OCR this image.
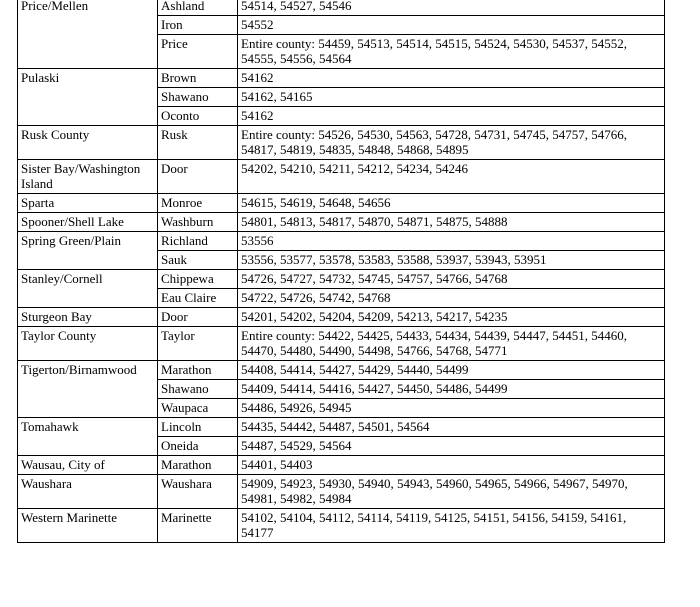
Price/Mellen	Ashland	54514, 54527, 54546
	Iron	54552
	Price	Entire county: 54459, 54513, 54514, 54515, 54524, 54530, 54537, 54552, 54555, 54556, 54564
Pulaski	Brown	54162
	Shawano	54162, 54165
	Oconto	54162
Rusk County	Rusk	Entire county: 54526, 54530, 54563, 54728, 54731, 54745, 54757, 54766, 54817, 54819, 54835, 54848, 54868, 54895
Sister Bay/Washington Island	Door	54202, 54210, 54211, 54212, 54234, 54246
Sparta	Monroe	54615, 54619, 54648, 54656
Spooner/Shell Lake	Washburn	54801, 54813, 54817, 54870, 54871, 54875, 54888
Spring Green/Plain	Richland	53556
	Sauk	53556, 53577, 53578, 53583, 53588, 53937, 53943, 53951
Stanley/Cornell	Chippewa	54726, 54727, 54732, 54745, 54757, 54766, 54768
	Eau Claire	54722, 54726, 54742, 54768
Sturgeon Bay	Door	54201, 54202, 54204, 54209, 54213, 54217, 54235
Taylor County	Taylor	Entire county: 54422, 54425, 54433, 54434, 54439, 54447, 54451, 54460, 54470, 54480, 54490, 54498, 54766, 54768, 54771
Tigerton/Birnamwood	Marathon	54408, 54414, 54427, 54429, 54440, 54499
	Shawano	54409, 54414, 54416, 54427, 54450, 54486, 54499
	Waupaca	54486, 54926, 54945
Tomahawk	Lincoln	54435, 54442, 54487, 54501, 54564
	Oneida	54487, 54529, 54564
Wausau, City of	Marathon	54401, 54403
Waushara	Waushara	54909, 54923, 54930, 54940, 54943, 54960, 54965, 54966, 54967, 54970, 54981, 54982, 54984
Western Marinette	Marinette	54102, 54104, 54112, 54114, 54119, 54125, 54151, 54156, 54159, 54161, 54177
